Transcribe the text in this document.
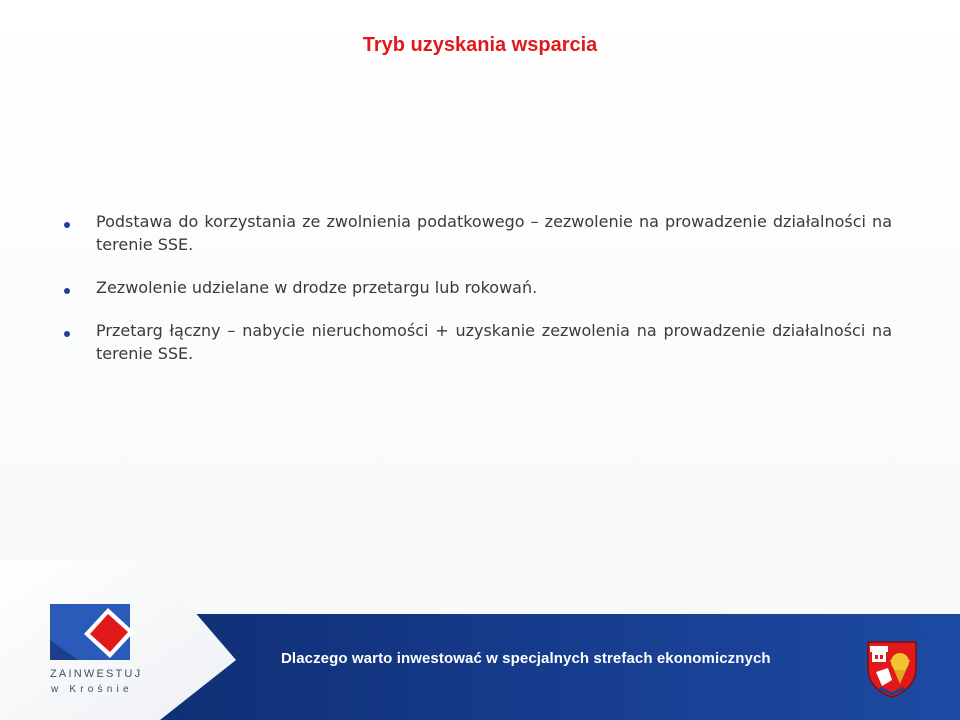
Tryb uzyskania wsparcia
Podstawa do korzystania ze zwolnienia podatkowego – zezwolenie na prowadzenie działalności na terenie SSE.
Zezwolenie udzielane w drodze przetargu lub rokowań.
Przetarg łączny – nabycie nieruchomości + uzyskanie zezwolenia na prowadzenie działalności na terenie SSE.
ZAINWESTUJ
w Krośnie
Dlaczego warto inwestować w specjalnych strefach ekonomicznych
